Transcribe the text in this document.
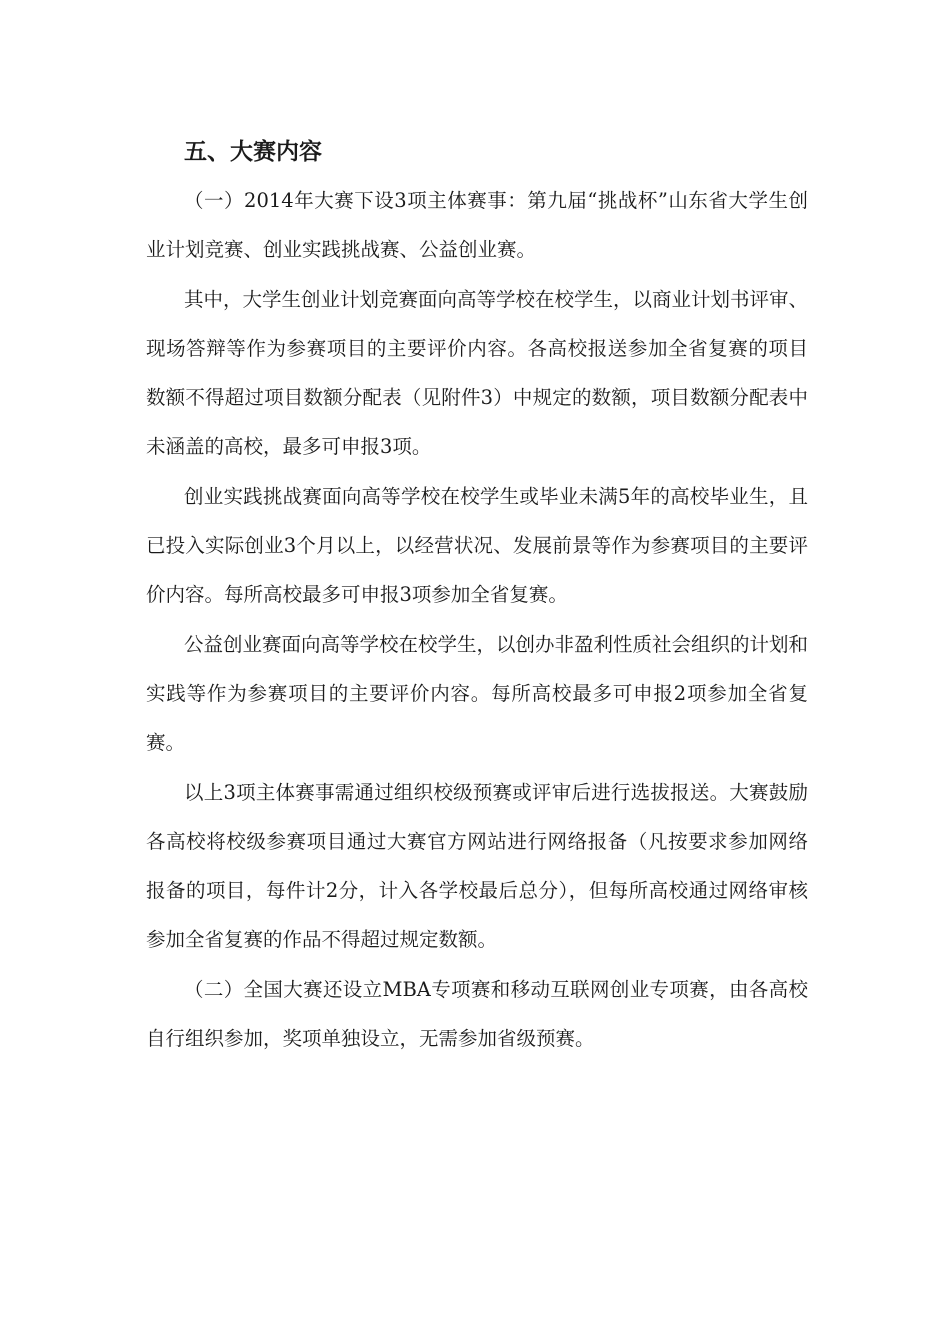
五、大赛内容

（一）2014年大赛下设3项主体赛事：第九届“挑战杯”山东省大学生创业计划竞赛、创业实践挑战赛、公益创业赛。

其中，大学生创业计划竞赛面向高等学校在校学生，以商业计划书评审、现场答辩等作为参赛项目的主要评价内容。各高校报送参加全省复赛的项目数额不得超过项目数额分配表（见附件3）中规定的数额，项目数额分配表中未涵盖的高校，最多可申报3项。

创业实践挑战赛面向高等学校在校学生或毕业未满5年的高校毕业生，且已投入实际创业3个月以上，以经营状况、发展前景等作为参赛项目的主要评价内容。每所高校最多可申报3项参加全省复赛。

公益创业赛面向高等学校在校学生，以创办非盈利性质社会组织的计划和实践等作为参赛项目的主要评价内容。每所高校最多可申报2项参加全省复赛。

以上3项主体赛事需通过组织校级预赛或评审后进行选拔报送。大赛鼓励各高校将校级参赛项目通过大赛官方网站进行网络报备（凡按要求参加网络报备的项目，每件计2分，计入各学校最后总分），但每所高校通过网络审核参加全省复赛的作品不得超过规定数额。

（二）全国大赛还设立MBA专项赛和移动互联网创业专项赛，由各高校自行组织参加，奖项单独设立，无需参加省级预赛。
